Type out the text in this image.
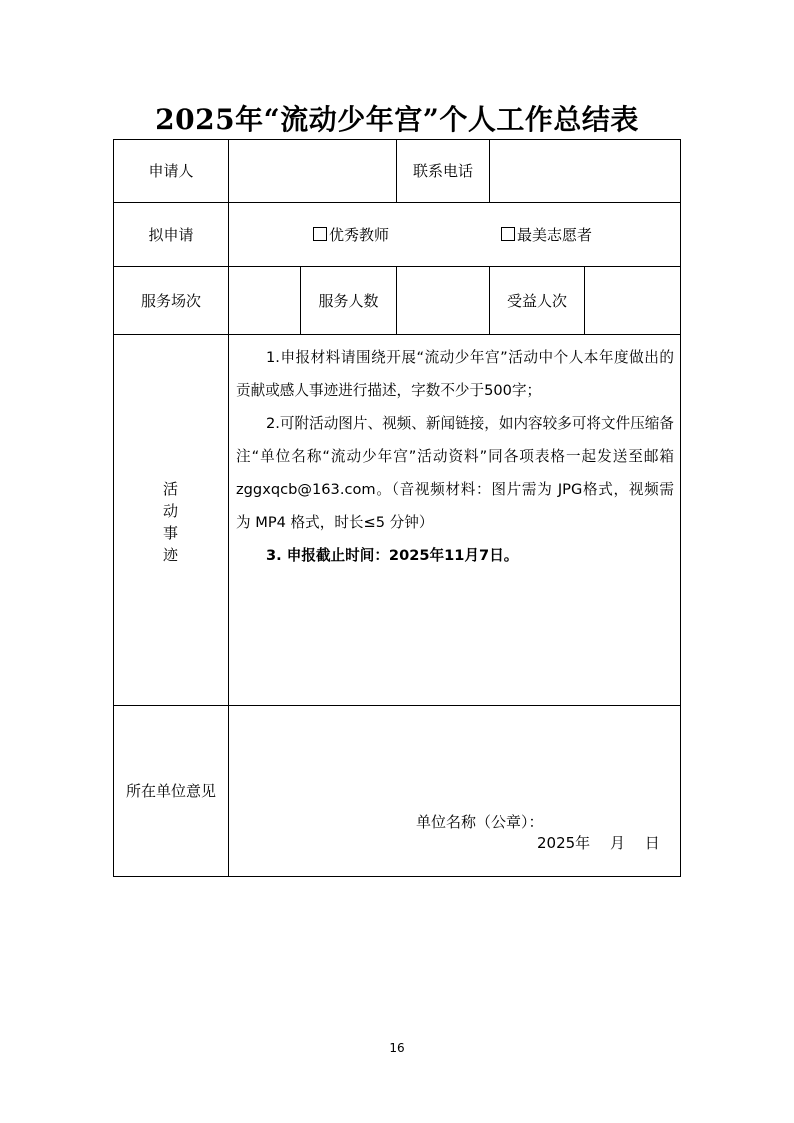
2025年“流动少年宫”个人工作总结表
申请人	联系电话
拟申请	优秀教师	最美志愿者
服务场次	服务人数	受益人次
活
动
事
迹

1.申报材料请围绕开展“流动少年宫”活动中个人本年度做出的贡献或感人事迹进行描述，字数不少于500字；

2.可附活动图片、视频、新闻链接，如内容较多可将文件压缩备注“单位名称“流动少年宫”活动资料”同各项表格一起发送至邮箱zggxqcb@163.com。（音视频材料：图片需为 JPG格式，视频需为 MP4 格式，时长≤5 分钟）

3. 申报截止时间：2025年11月7日。

所在单位意见
单位名称（公章）：
2025年　 月　 日
16
